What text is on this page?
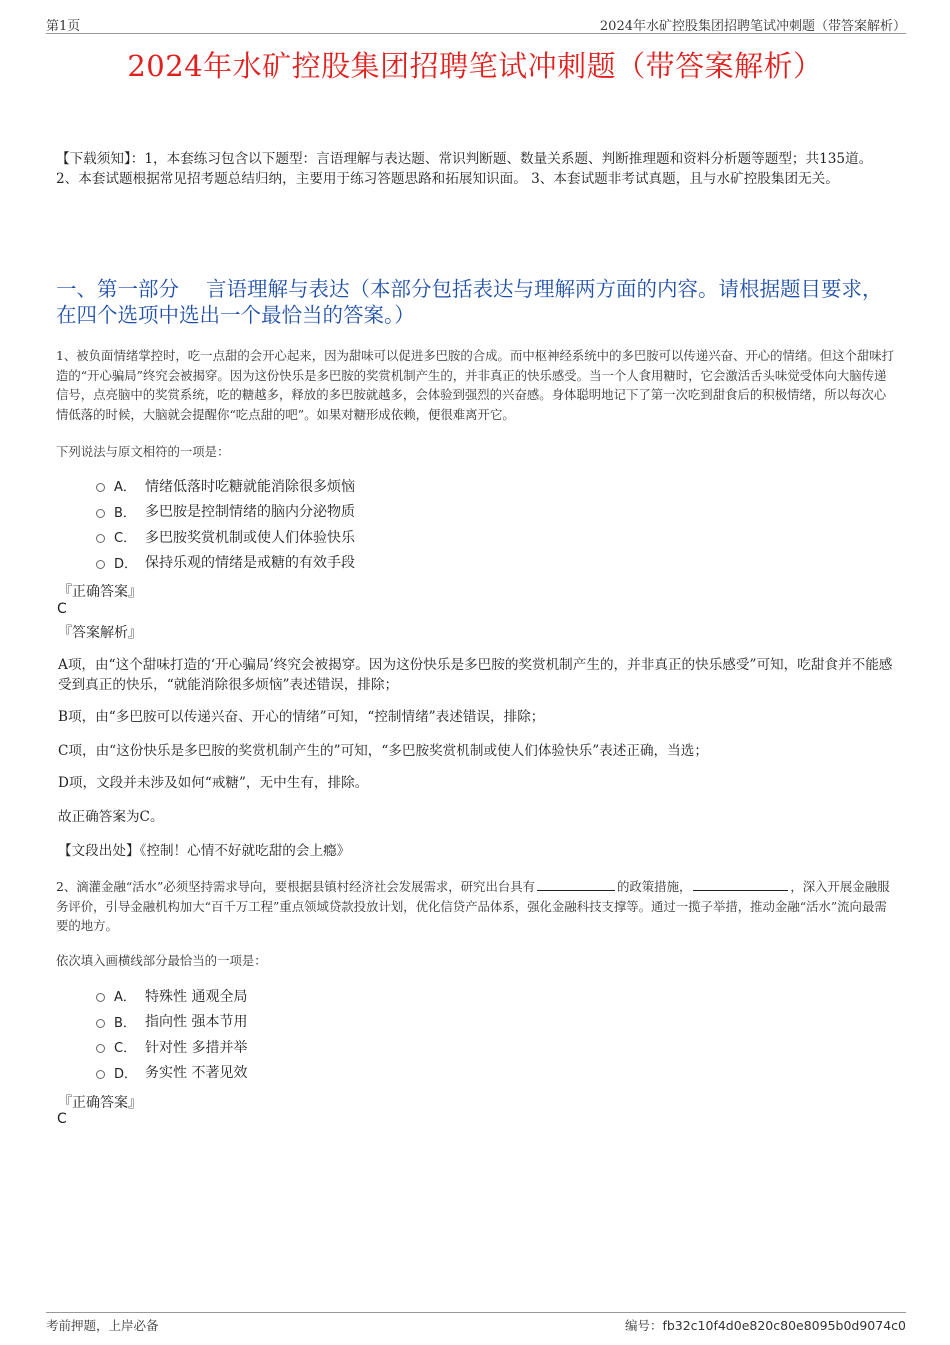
第1页	2024年水矿控股集团招聘笔试冲刺题（带答案解析）
2024年水矿控股集团招聘笔试冲刺题（带答案解析）
【下载须知】：1，本套练习包含以下题型：言语理解与表达题、常识判断题、数量关系题、判断推理题和资料分析题等题型；共135道。 2、本套试题根据常见招考题总结归纳，主要用于练习答题思路和拓展知识面。 3、本套试题非考试真题，且与水矿控股集团无关。
一、第一部分　 言语理解与表达（本部分包括表达与理解两方面的内容。请根据题目要求，在四个选项中选出一个最恰当的答案。）
1、被负面情绪掌控时，吃一点甜的会开心起来，因为甜味可以促进多巴胺的合成。而中枢神经系统中的多巴胺可以传递兴奋、开心的情绪。但这个甜味打造的“开心骗局”终究会被揭穿。因为这份快乐是多巴胺的奖赏机制产生的，并非真正的快乐感受。当一个人食用糖时，它会激活舌头味觉受体向大脑传递信号，点亮脑中的奖赏系统，吃的糖越多，释放的多巴胺就越多，会体验到强烈的兴奋感。身体聪明地记下了第一次吃到甜食后的积极情绪，所以每次心情低落的时候，大脑就会提醒你“吃点甜的吧”。如果对糖形成依赖，便很难离开它。
下列说法与原文相符的一项是：
A． 情绪低落时吃糖就能消除很多烦恼
B． 多巴胺是控制情绪的脑内分泌物质
C． 多巴胺奖赏机制或使人们体验快乐
D． 保持乐观的情绪是戒糖的有效手段
『正确答案』
C
『答案解析』
A项，由“这个甜味打造的‘开心骗局’终究会被揭穿。因为这份快乐是多巴胺的奖赏机制产生的，并非真正的快乐感受”可知，吃甜食并不能感受到真正的快乐，“就能消除很多烦恼”表述错误，排除；
B项，由“多巴胺可以传递兴奋、开心的情绪”可知，“控制情绪”表述错误，排除；
C项，由“这份快乐是多巴胺的奖赏机制产生的”可知，“多巴胺奖赏机制或使人们体验快乐”表述正确，当选；
D项，文段并未涉及如何“戒糖”，无中生有，排除。
故正确答案为C。
【文段出处】《控制！心情不好就吃甜的会上瘾》
2、滴灌金融“活水”必须坚持需求导向，要根据县镇村经济社会发展需求，研究出台具有	的政策措施，	，深入开展金融服务评价，引导金融机构加大“百千万工程”重点领域贷款投放计划，优化信贷产品体系，强化金融科技支撑等。通过一揽子举措，推动金融“活水”流向最需要的地方。
依次填入画横线部分最恰当的一项是：
A． 特殊性 通观全局
B． 指向性 强本节用
C． 针对性 多措并举
D． 务实性 不著见效
『正确答案』
C
考前押题，上岸必备	编号：fb32c10f4d0e820c80e8095b0d9074c0
